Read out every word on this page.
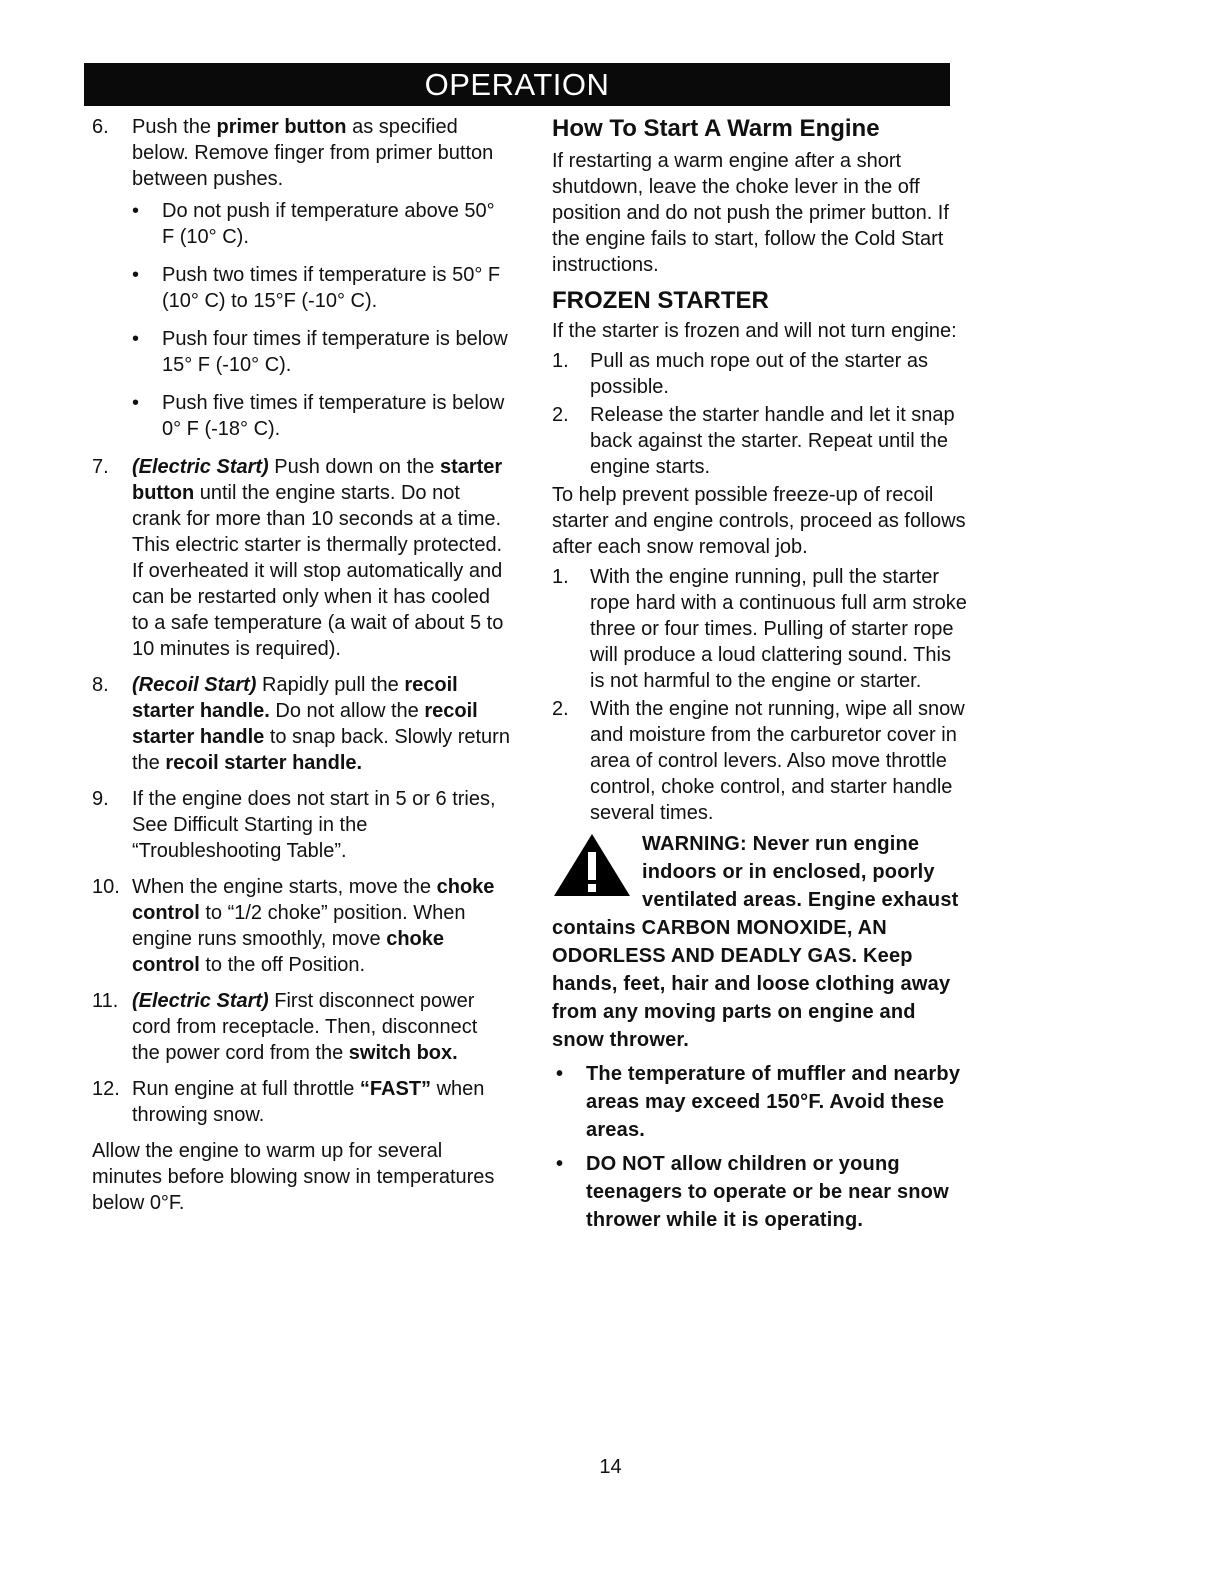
OPERATION
6. Push the primer button as specified below. Remove finger from primer button between pushes.
• Do not push if temperature above 50° F (10° C).
• Push two times if temperature is 50° F (10° C) to 15°F (-10° C).
• Push four times if temperature is below 15° F (-10° C).
• Push five times if temperature is below 0° F (-18° C).
7. (Electric Start) Push down on the starter button until the engine starts. Do not crank for more than 10 seconds at a time. This electric starter is thermally protected. If overheated it will stop automatically and can be restarted only when it has cooled to a safe temperature (a wait of about 5 to 10 minutes is required).
8. (Recoil Start) Rapidly pull the recoil starter handle. Do not allow the recoil starter handle to snap back. Slowly return the recoil starter handle.
9. If the engine does not start in 5 or 6 tries, See Difficult Starting in the “Troubleshooting Table”.
10. When the engine starts, move the choke control to “1/2 choke” position. When engine runs smoothly, move choke control to the off Position.
11. (Electric Start) First disconnect power cord from receptacle. Then, disconnect the power cord from the switch box.
12. Run engine at full throttle “FAST” when throwing snow.

Allow the engine to warm up for several minutes before blowing snow in temperatures below 0°F.

How To Start A Warm Engine

If restarting a warm engine after a short shutdown, leave the choke lever in the off position and do not push the primer button. If the engine fails to start, follow the Cold Start instructions.

FROZEN STARTER

If the starter is frozen and will not turn engine:

1. Pull as much rope out of the starter as possible.
2. Release the starter handle and let it snap back against the starter. Repeat until the engine starts.

To help prevent possible freeze-up of recoil starter and engine controls, proceed as follows after each snow removal job.

1. With the engine running, pull the starter rope hard with a continuous full arm stroke three or four times. Pulling of starter rope will produce a loud clattering sound. This is not harmful to the engine or starter.
2. With the engine not running, wipe all snow and moisture from the carburetor cover in area of control levers. Also move throttle control, choke control, and starter handle several times.
WARNING: Never run engine indoors or in enclosed, poorly ventilated areas. Engine exhaust contains CARBON MONOXIDE, AN ODORLESS AND DEADLY GAS. Keep hands, feet, hair and loose clothing away from any moving parts on engine and snow thrower.
• The temperature of muffler and nearby areas may exceed 150°F. Avoid these areas.
• DO NOT allow children or young teenagers to operate or be near snow thrower while it is operating.
14
